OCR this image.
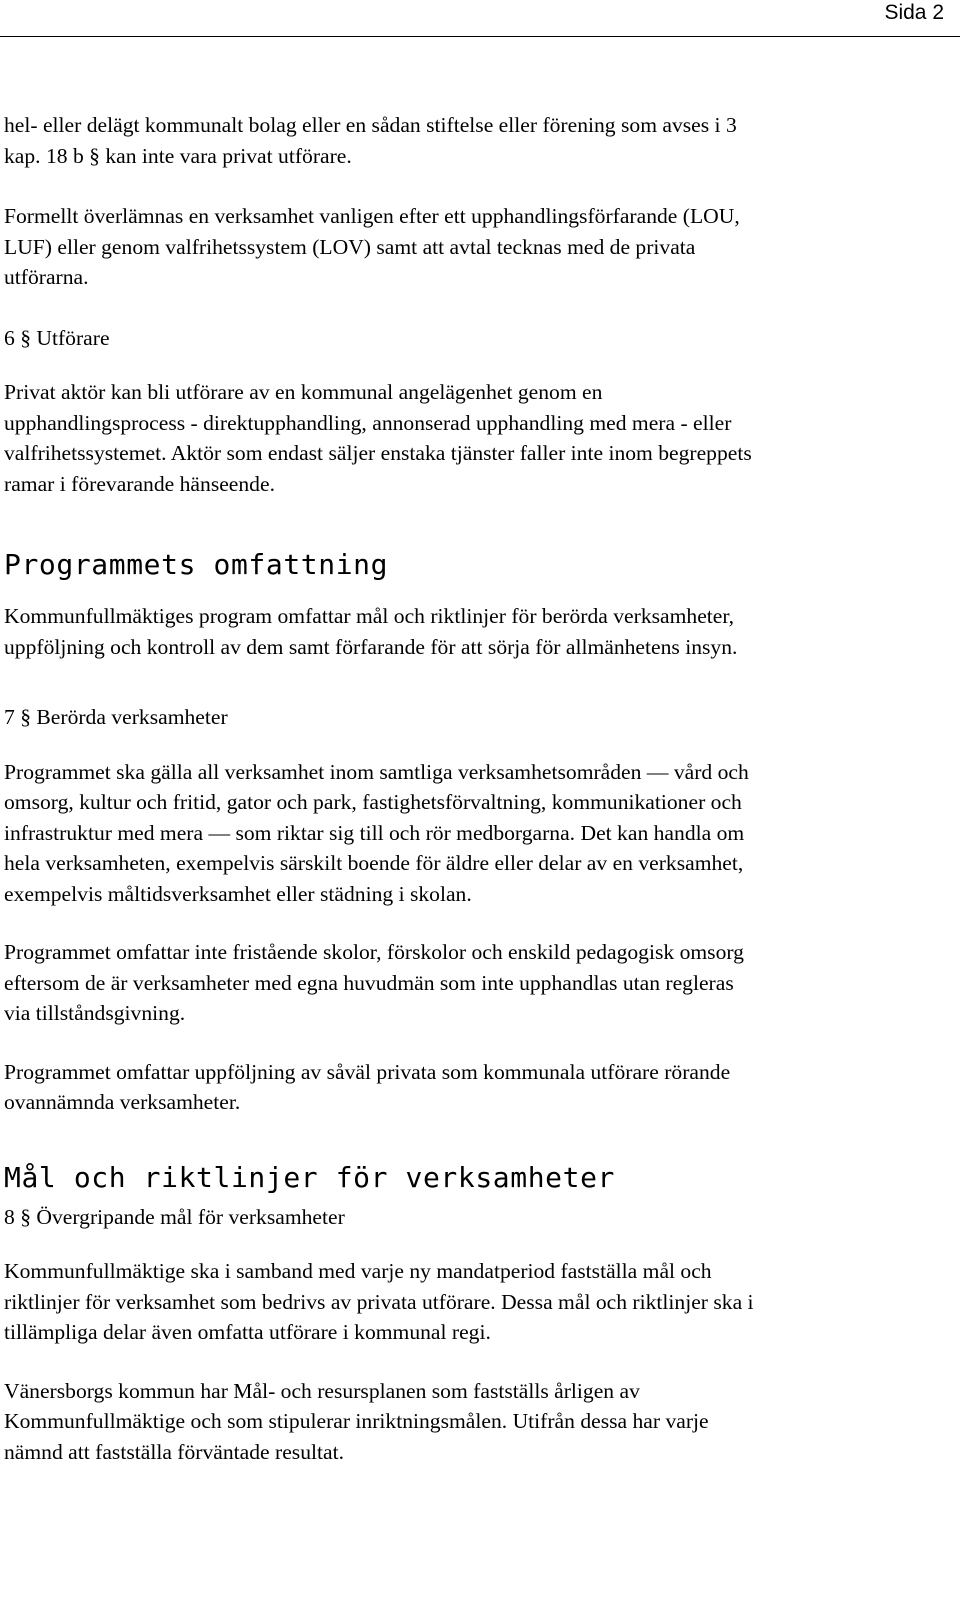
Sida 2

hel- eller delägt kommunalt bolag eller en sådan stiftelse eller förening som avses i 3
kap. 18 b § kan inte vara privat utförare.

Formellt överlämnas en verksamhet vanligen efter ett upphandlingsförfarande (LOU,
LUF) eller genom valfrihetssystem (LOV) samt att avtal tecknas med de privata
utförarna.

6 § Utförare

Privat aktör kan bli utförare av en kommunal angelägenhet genom en
upphandlingsprocess - direktupphandling, annonserad upphandling med mera - eller
valfrihetssystemet. Aktör som endast säljer enstaka tjänster faller inte inom begreppets
ramar i förevarande hänseende.

Programmets omfattning

Kommunfullmäktiges program omfattar mål och riktlinjer för berörda verksamheter,
uppföljning och kontroll av dem samt förfarande för att sörja för allmänhetens insyn.

7 § Berörda verksamheter

Programmet ska gälla all verksamhet inom samtliga verksamhetsområden — vård och
omsorg, kultur och fritid, gator och park, fastighetsförvaltning, kommunikationer och
infrastruktur med mera — som riktar sig till och rör medborgarna. Det kan handla om
hela verksamheten, exempelvis särskilt boende för äldre eller delar av en verksamhet,
exempelvis måltidsverksamhet eller städning i skolan.

Programmet omfattar inte fristående skolor, förskolor och enskild pedagogisk omsorg
eftersom de är verksamheter med egna huvudmän som inte upphandlas utan regleras
via tillståndsgivning.

Programmet omfattar uppföljning av såväl privata som kommunala utförare rörande
ovannämnda verksamheter.

Mål och riktlinjer för verksamheter

8 § Övergripande mål för verksamheter

Kommunfullmäktige ska i samband med varje ny mandatperiod fastställa mål och
riktlinjer för verksamhet som bedrivs av privata utförare. Dessa mål och riktlinjer ska i
tillämpliga delar även omfatta utförare i kommunal regi.

Vänersborgs kommun har Mål- och resursplanen som fastställs årligen av
Kommunfullmäktige och som stipulerar inriktningsmålen. Utifrån dessa har varje
nämnd att fastställa förväntade resultat.
